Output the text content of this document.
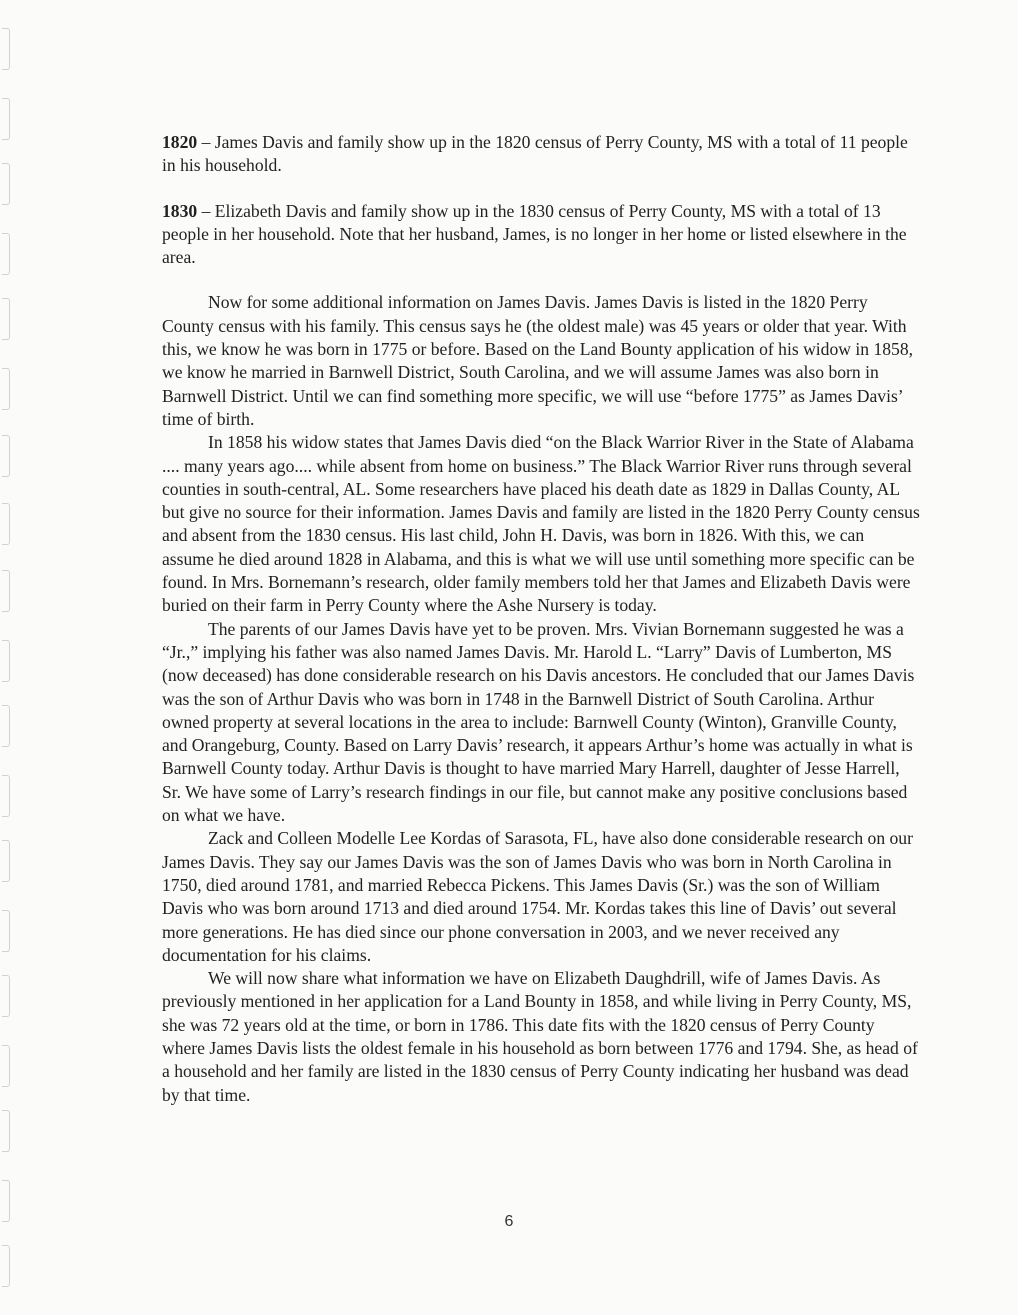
1820 – James Davis and family show up in the 1820 census of Perry County, MS with a total of 11 people in his household.

1830 – Elizabeth Davis and family show up in the 1830 census of Perry County, MS with a total of 13 people in her household. Note that her husband, James, is no longer in her home or listed elsewhere in the area.

Now for some additional information on James Davis. James Davis is listed in the 1820 Perry County census with his family. This census says he (the oldest male) was 45 years or older that year. With this, we know he was born in 1775 or before. Based on the Land Bounty application of his widow in 1858, we know he married in Barnwell District, South Carolina, and we will assume James was also born in Barnwell District. Until we can find something more specific, we will use “before 1775” as James Davis’ time of birth.

In 1858 his widow states that James Davis died “on the Black Warrior River in the State of Alabama .... many years ago.... while absent from home on business.” The Black Warrior River runs through several counties in south-central, AL. Some researchers have placed his death date as 1829 in Dallas County, AL but give no source for their information. James Davis and family are listed in the 1820 Perry County census and absent from the 1830 census. His last child, John H. Davis, was born in 1826. With this, we can assume he died around 1828 in Alabama, and this is what we will use until something more specific can be found. In Mrs. Bornemann’s research, older family members told her that James and Elizabeth Davis were buried on their farm in Perry County where the Ashe Nursery is today.

The parents of our James Davis have yet to be proven. Mrs. Vivian Bornemann suggested he was a “Jr.,” implying his father was also named James Davis. Mr. Harold L. “Larry” Davis of Lumberton, MS (now deceased) has done considerable research on his Davis ancestors. He concluded that our James Davis was the son of Arthur Davis who was born in 1748 in the Barnwell District of South Carolina. Arthur owned property at several locations in the area to include: Barnwell County (Winton), Granville County, and Orangeburg, County. Based on Larry Davis’ research, it appears Arthur’s home was actually in what is Barnwell County today. Arthur Davis is thought to have married Mary Harrell, daughter of Jesse Harrell, Sr. We have some of Larry’s research findings in our file, but cannot make any positive conclusions based on what we have.

Zack and Colleen Modelle Lee Kordas of Sarasota, FL, have also done considerable research on our James Davis. They say our James Davis was the son of James Davis who was born in North Carolina in 1750, died around 1781, and married Rebecca Pickens. This James Davis (Sr.) was the son of William Davis who was born around 1713 and died around 1754. Mr. Kordas takes this line of Davis’ out several more generations. He has died since our phone conversation in 2003, and we never received any documentation for his claims.

We will now share what information we have on Elizabeth Daughdrill, wife of James Davis. As previously mentioned in her application for a Land Bounty in 1858, and while living in Perry County, MS, she was 72 years old at the time, or born in 1786. This date fits with the 1820 census of Perry County where James Davis lists the oldest female in his household as born between 1776 and 1794. She, as head of a household and her family are listed in the 1830 census of Perry County indicating her husband was dead by that time.

6
